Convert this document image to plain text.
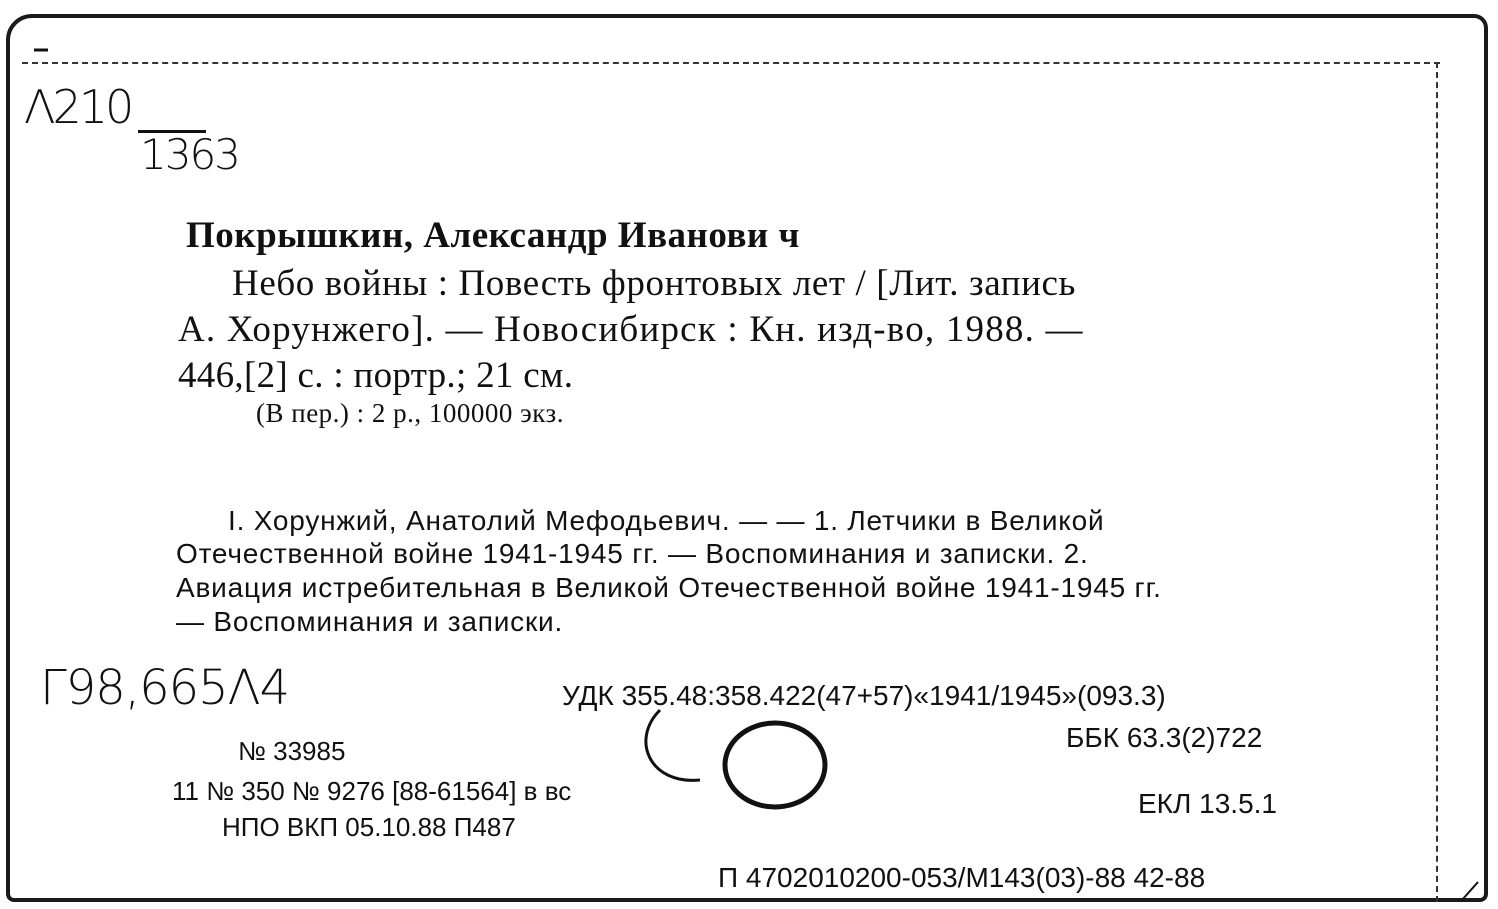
Λ210
1363
Покрышкин, Александр Иванови ч
Небо войны : Повесть фронтовых лет / [Лит. запись
А. Хорунжего]. — Новосибирск : Кн. изд-во, 1988. —
446,[2] с. : портр.; 21 см.
(В пер.) : 2 р., 100000 экз.
I. Хорунжий, Анатолий Мефодьевич. — — 1. Летчики в Великой
Отечественной войне 1941-1945 гг. — Воспоминания и записки. 2.
Авиация истребительная в Великой Отечественной войне 1941-1945 гг.
— Воспоминания и записки.
Г98,665Λ4	УДК 355.48:358.422(47+57)«1941/1945»(093.3)
ББК 63.3(2)722
ЕКЛ 13.5.1
П 4702010200-053/М143(03)-88 42-88
№ 33985
11 № 350 № 9276 [88-61564] в вс
НПО ВКП 05.10.88 П487
